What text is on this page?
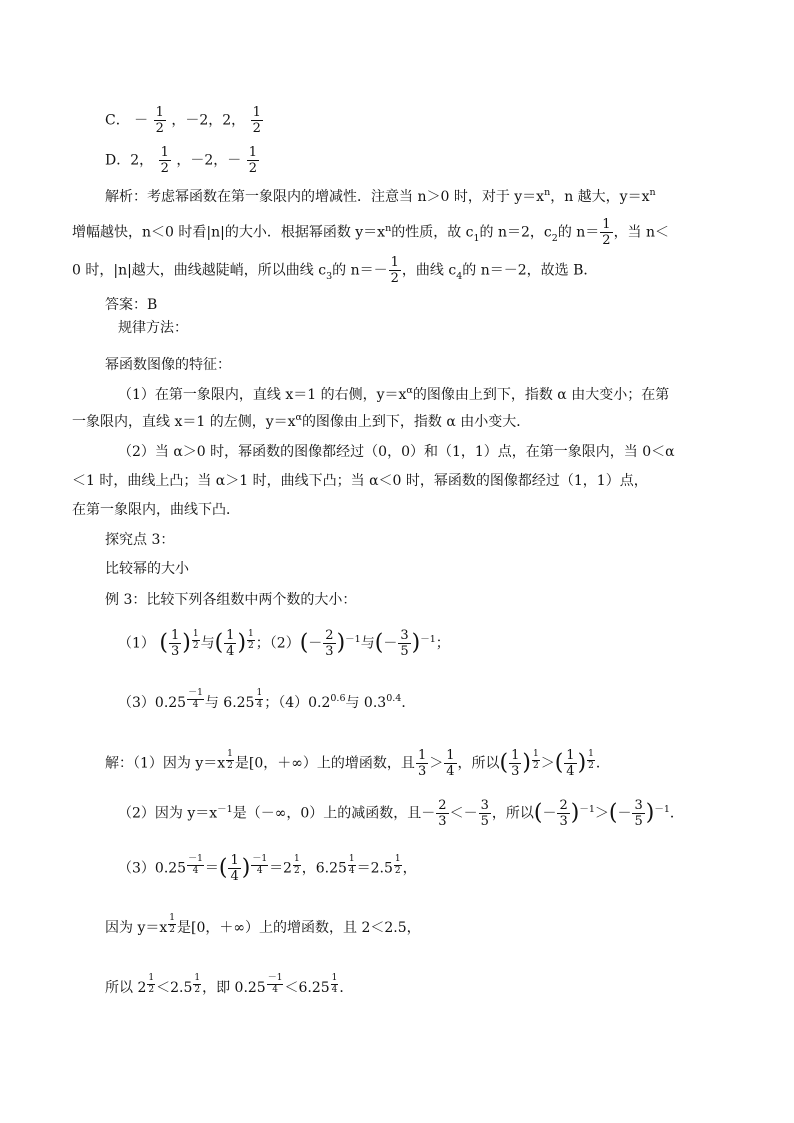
C． － $\frac{1}{2}$ ，－2，2， $\frac{1}{2}$
D．2， $\frac{1}{2}$ ，－2，－ $\frac{1}{2}$
解析：考虑幂函数在第一象限内的增减性．注意当 n＞0 时，对于 $y=x^n$，n 越大，$y=x^n$
增幅越快，n＜0 时看|n|的大小．根据幂函数 $y=x^n$的性质，故 $c_1$的 n＝2，$c_2$的 $n= \frac{1}{2}$ ，当 n＜
0 时，|n|越大，曲线越陡峭，所以曲线 $c_3$的 $n=- \frac{1}{2}$ ，曲线 $c_4$的 n＝－2，故选 B．
答案：B
规律方法：
幂函数图像的特征：
（1）在第一象限内，直线 x＝1 的右侧，$y=x^\alpha$的图像由上到下，指数 α 由大变小；在第
一象限内，直线 x＝1 的左侧，$y=x^\alpha$的图像由上到下，指数 α 由小变大．
（2）当 α＞0 时，幂函数的图像都经过（0，0）和（1，1）点，在第一象限内，当 0＜α
＜1 时，曲线上凸；当 α＞1 时，曲线下凸；当 α＜0 时，幂函数的图像都经过（1，1）点，
在第一象限内，曲线下凸．
探究点 3：
比较幂的大小
例 3：比较下列各组数中两个数的大小：
（1） ( $\frac{1}{3}$ ) $\frac{1}{2}$ 与( $\frac{1}{4}$ ) $\frac{1}{2}$ ；$(2)(- \frac{2}{3} )^{-1}$与(－ $\frac{3}{5} )^{-1}$；
$(3)0.25 \frac{-1}{4}$ 与 $6.25 \frac{1}{4}$ ；$(4)0.2^{0.6}$与 $0.3^{0.4}$．
解：（1）因为 $y=x \frac{1}{2}$ 是[0，＋∞）上的增函数，且 $\frac{1}{3} > \frac{1}{4}$ ，所以( $\frac{1}{3}$ ) $\frac{1}{2}$ ＞( $\frac{1}{4}$ ) $\frac{1}{2}$ ．
（2）因为 $y=x^{-1}$是（－∞，0）上的减函数，且－ $\frac{2}{3} <- \frac{3}{5}$ ，所以(－ $\frac{2}{3} )^{-1}>(- \frac{3}{5} )^{-1}$．
$(3)0.25 \frac{-1}{4}$ ＝( $\frac{1}{4}$ ) $\frac{-1}{4} =2 \frac{1}{2}$ ，$6.25 \frac{1}{4} =2.5 \frac{1}{2}$ ，
因为 $y=x \frac{1}{2}$ 是[0，＋∞）上的增函数，且 2＜2.5，
所以 $2 \frac{1}{2} <2.5 \frac{1}{2}$ ，即 $0.25 \frac{-1}{4} <6.25 \frac{1}{4}$ ．
